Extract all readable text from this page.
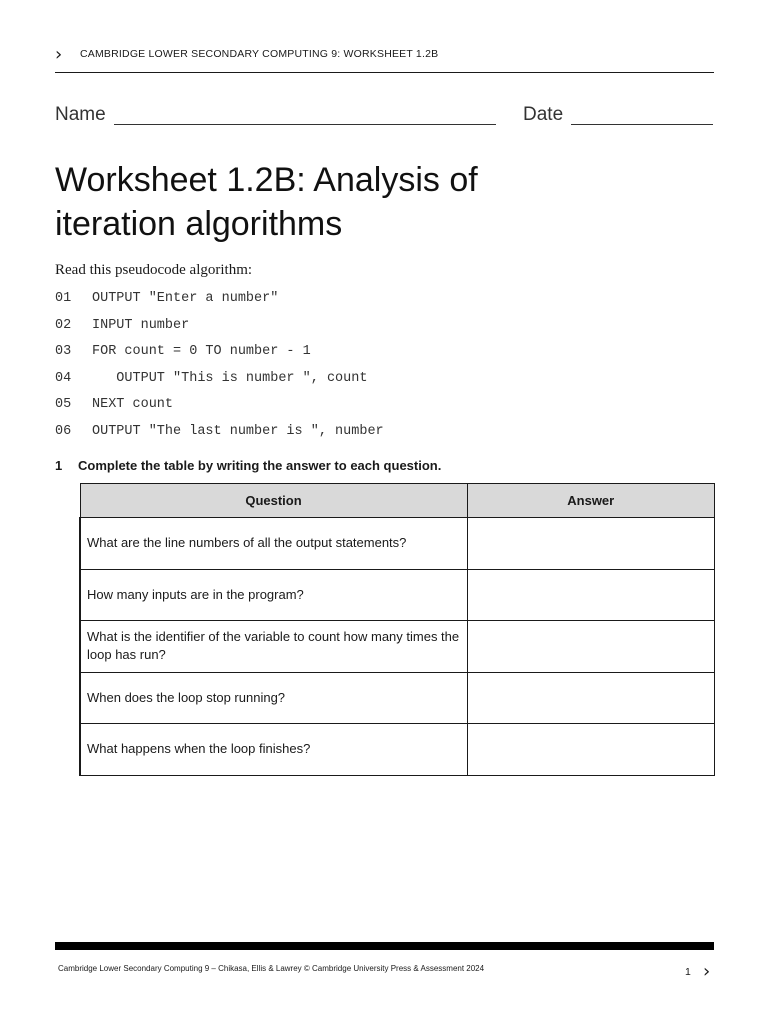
› CAMBRIDGE LOWER SECONDARY COMPUTING 9: WORKSHEET 1.2B
Name	Date
Worksheet 1.2B: Analysis of iteration algorithms
Read this pseudocode algorithm:
01 OUTPUT "Enter a number"
02 INPUT number
03 FOR count = 0 TO number - 1
04   OUTPUT "This is number ", count
05 NEXT count
06 OUTPUT "The last number is ", number
1 Complete the table by writing the answer to each question.
Question	Answer
What are the line numbers of all the output statements?	
How many inputs are in the program?	
What is the identifier of the variable to count how many times the loop has run?	
When does the loop stop running?	
What happens when the loop finishes?	
Cambridge Lower Secondary Computing 9 – Chikasa, Ellis & Lawrey © Cambridge University Press & Assessment 2024	1 ›
